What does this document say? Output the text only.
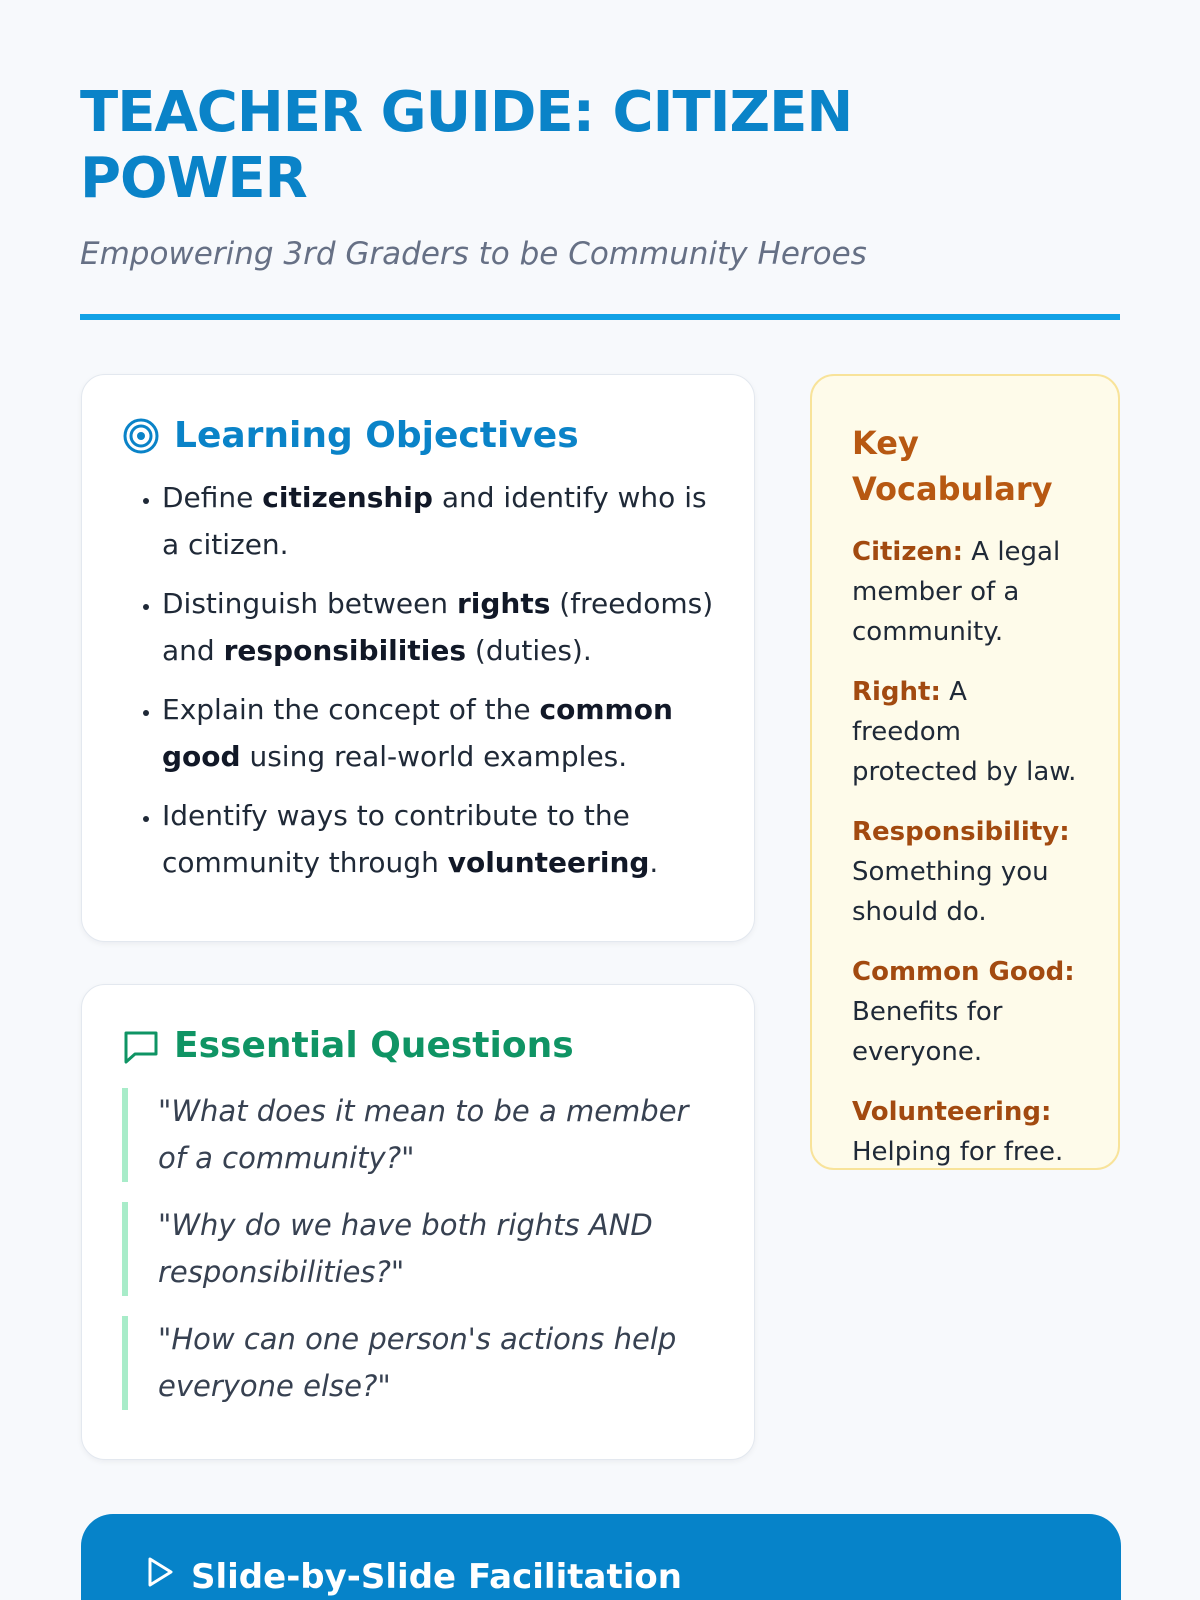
TEACHER GUIDE: CITIZEN POWER
Empowering 3rd Graders to be Community Heroes
Learning Objectives
• Define citizenship and identify who is a citizen.
• Distinguish between rights (freedoms) and responsibilities (duties).
• Explain the concept of the common good using real-world examples.
• Identify ways to contribute to the community through volunteering.
Essential Questions
"What does it mean to be a member of a community?"
"Why do we have both rights AND responsibilities?"
"How can one person's actions help everyone else?"
Key Vocabulary
Citizen: A legal member of a community.
Right: A freedom protected by law.
Responsibility: Something you should do.
Common Good: Benefits for everyone.
Volunteering: Helping for free.
Slide-by-Slide Facilitation
